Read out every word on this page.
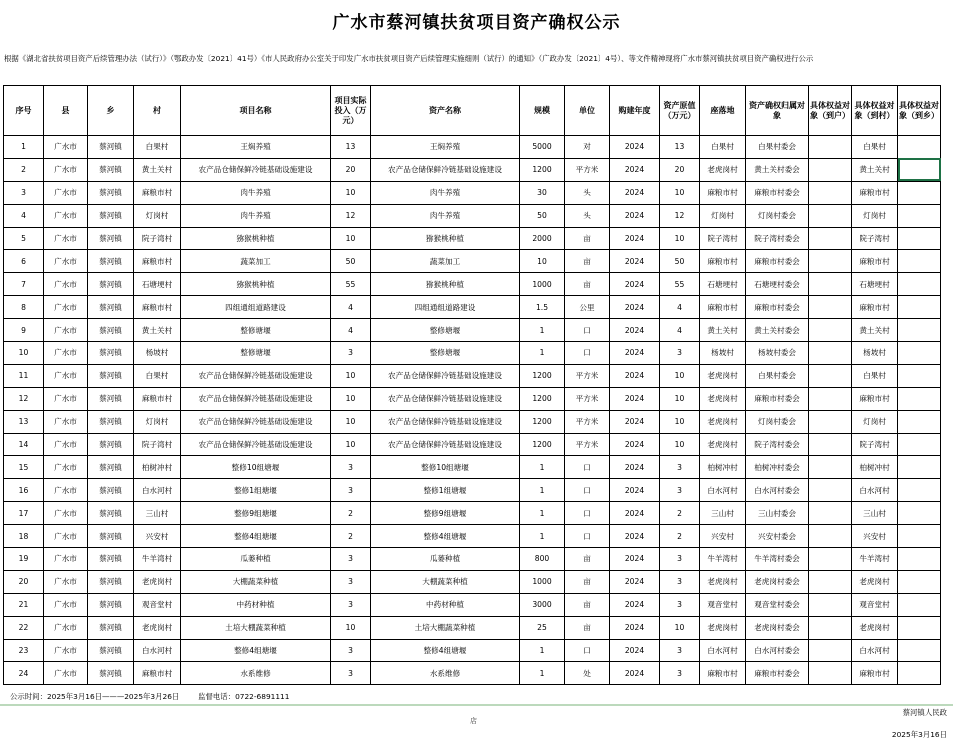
广水市蔡河镇扶贫项目资产确权公示
根据《湖北省扶贫项目资产后续管理办法（试行）》（鄂政办发〔2021〕41号）《市人民政府办公室关于印发广水市扶贫项目资产后续管理实施细则（试行）的通知》（广政办发〔2021〕4号）、等文件精神现将广水市蔡河镇扶贫项目资产确权进行公示
序号	县	乡	村	项目名称	项目实际投入（万元）	资产名称	规模	单位	购建年度	资产原值（万元）	座落地	资产确权归属对象	具体权益对象（到户）	具体权益对象（到村）	具体权益对象（到乡）
1	广水市	蔡河镇	白果村	王焖养殖	13	王焖养殖	5000	对	2024	13	白果村	白果村委会		白果村	
2	广水市	蔡河镇	黄土关村	农产品仓储保鲜冷链基础设施建设	20	农产品仓储保鲜冷链基础设施建设	1200	平方米	2024	20	老虎岗村	黄土关村委会		黄土关村	
3	广水市	蔡河镇	麻粮市村	肉牛养殖	10	肉牛养殖	30	头	2024	10	麻粮市村	麻粮市村委会		麻粮市村	
4	广水市	蔡河镇	灯岗村	肉牛养殖	12	肉牛养殖	50	头	2024	12	灯岗村	灯岗村委会		灯岗村	
5	广水市	蔡河镇	院子湾村	猕猴桃种植	10	猕猴桃种植	2000	亩	2024	10	院子湾村	院子湾村委会		院子湾村	
6	广水市	蔡河镇	麻粮市村	蔬菜加工	50	蔬菜加工	10	亩	2024	50	麻粮市村	麻粮市村委会		麻粮市村	
7	广水市	蔡河镇	石塘埂村	猕猴桃种植	55	猕猴桃种植	1000	亩	2024	55	石塘埂村	石塘埂村委会		石塘埂村	
8	广水市	蔡河镇	麻粮市村	四组通组道路建设	4	四组通组道路建设	1.5	公里	2024	4	麻粮市村	麻粮市村委会		麻粮市村	
9	广水市	蔡河镇	黄土关村	整修塘堰	4	整修塘堰	1	口	2024	4	黄土关村	黄土关村委会		黄土关村	
10	广水市	蔡河镇	杨坡村	整修塘堰	3	整修塘堰	1	口	2024	3	杨坡村	杨坡村委会		杨坡村	
11	广水市	蔡河镇	白果村	农产品仓储保鲜冷链基础设施建设	10	农产品仓储保鲜冷链基础设施建设	1200	平方米	2024	10	老虎岗村	白果村委会		白果村	
12	广水市	蔡河镇	麻粮市村	农产品仓储保鲜冷链基础设施建设	10	农产品仓储保鲜冷链基础设施建设	1200	平方米	2024	10	老虎岗村	麻粮市村委会		麻粮市村	
13	广水市	蔡河镇	灯岗村	农产品仓储保鲜冷链基础设施建设	10	农产品仓储保鲜冷链基础设施建设	1200	平方米	2024	10	老虎岗村	灯岗村委会		灯岗村	
14	广水市	蔡河镇	院子湾村	农产品仓储保鲜冷链基础设施建设	10	农产品仓储保鲜冷链基础设施建设	1200	平方米	2024	10	老虎岗村	院子湾村委会		院子湾村	
15	广水市	蔡河镇	柏树冲村	整修10组塘堰	3	整修10组塘堰	1	口	2024	3	柏树冲村	柏树冲村委会		柏树冲村	
16	广水市	蔡河镇	白水河村	整修1组塘堰	3	整修1组塘堰	1	口	2024	3	白水河村	白水河村委会		白水河村	
17	广水市	蔡河镇	三山村	整修9组塘堰	2	整修9组塘堰	1	口	2024	2	三山村	三山村委会		三山村	
18	广水市	蔡河镇	兴安村	整修4组塘堰	2	整修4组塘堰	1	口	2024	2	兴安村	兴安村委会		兴安村	
19	广水市	蔡河镇	牛羊湾村	瓜蒌种植	3	瓜蒌种植	800	亩	2024	3	牛羊湾村	牛羊湾村委会		牛羊湾村	
20	广水市	蔡河镇	老虎岗村	大棚蔬菜种植	3	大棚蔬菜种植	1000	亩	2024	3	老虎岗村	老虎岗村委会		老虎岗村	
21	广水市	蔡河镇	观音堂村	中药材种植	3	中药材种植	3000	亩	2024	3	观音堂村	观音堂村委会		观音堂村	
22	广水市	蔡河镇	老虎岗村	土培大棚蔬菜种植	10	土培大棚蔬菜种植	25	亩	2024	10	老虎岗村	老虎岗村委会		老虎岗村	
23	广水市	蔡河镇	白水河村	整修4组塘堰	3	整修4组塘堰	1	口	2024	3	白水河村	白水河村委会		白水河村	
24	广水市	蔡河镇	麻粮市村	水系维修	3	水系维修	1	处	2024	3	麻粮市村	麻粮市村委会		麻粮市村	
公示时间：2025年3月16日———2025年3月26日	监督电话：0722-6891111
店
蔡河镇人民政
2025年3月16日
